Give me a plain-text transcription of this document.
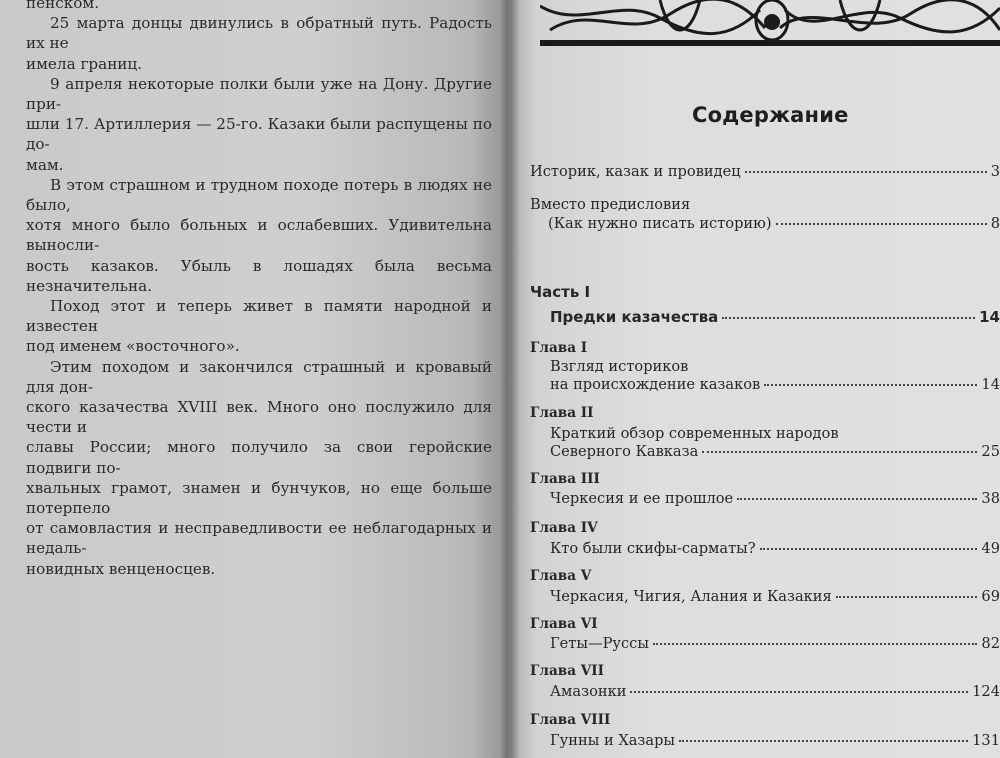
пенском.

25 марта донцы двинулись в обратный путь. Радость их не

имела границ.

9 апреля некоторые полки были уже на Дону. Другие при-

шли 17. Артиллерия — 25-го. Казаки были распущены по до-

мам.

В этом страшном и трудном походе потерь в людях не было,

хотя много было больных и ослабевших. Удивительна выносли-

вость казаков. Убыль в лошадях была весьма незначительна.

Поход этот и теперь живет в памяти народной и известен

под именем «восточного».

Этим походом и закончился страшный и кровавый для дон-

ского казачества XVIII век. Много оно послужило для чести и

славы России; много получило за свои геройские подвиги по-

хвальных грамот, знамен и бунчуков, но еще больше потерпело

от самовластия и несправедливости ее неблагодарных и недаль-

новидных венценосцев.

Содержание
Историк, казак и провидец	3
Вместо предисловия
(Как нужно писать историю)	8
Часть I
Предки казачества	14
Глава I
Взгляд историков
на происхождение казаков	14
Глава II
Краткий обзор современных народов
Северного Кавказа	25
Глава III
Черкесия и ее прошлое	38
Глава IV
Кто были скифы-сарматы?	49
Глава V
Черкасия, Чигия, Алания и Казакия	69
Глава VI
Геты—Руссы	82
Глава VII
Амазонки	124
Глава VIII
Гунны и Хазары	131
